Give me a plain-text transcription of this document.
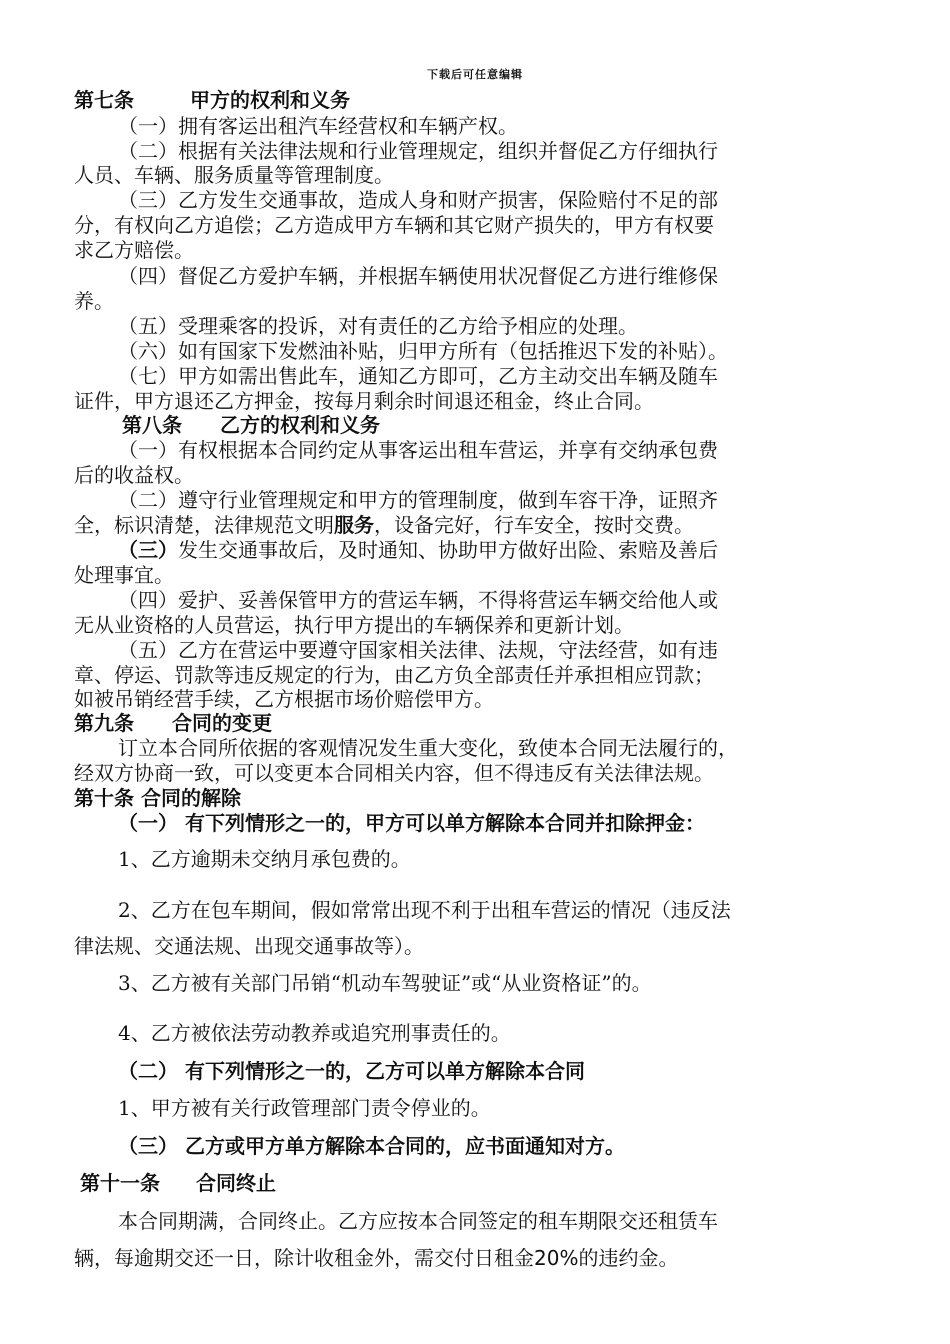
下载后可任意编辑
第七条	甲方的权利和义务
（一）拥有客运出租汽车经营权和车辆产权。
（二）根据有关法律法规和行业管理规定，组织并督促乙方仔细执行
人员、车辆、服务质量等管理制度。
（三）乙方发生交通事故，造成人身和财产损害，保险赔付不足的部
分，有权向乙方追偿；乙方造成甲方车辆和其它财产损失的，甲方有权要
求乙方赔偿。
（四）督促乙方爱护车辆，并根据车辆使用状况督促乙方进行维修保
养。
（五）受理乘客的投诉，对有责任的乙方给予相应的处理。
（六）如有国家下发燃油补贴，归甲方所有（包括推迟下发的补贴）。
（七）甲方如需出售此车，通知乙方即可，乙方主动交出车辆及随车
证件，甲方退还乙方押金，按每月剩余时间退还租金，终止合同。
第八条 乙方的权利和义务
（一）有权根据本合同约定从事客运出租车营运，并享有交纳承包费
后的收益权。
（二）遵守行业管理规定和甲方的管理制度，做到车容干净，证照齐
全，标识清楚，法律规范文明服务，设备完好，行车安全，按时交费。
（三）发生交通事故后，及时通知、协助甲方做好出险、索赔及善后
处理事宜。
（四）爱护、妥善保管甲方的营运车辆，不得将营运车辆交给他人或
无从业资格的人员营运，执行甲方提出的车辆保养和更新计划。
（五）乙方在营运中要遵守国家相关法律、法规，守法经营，如有违
章、停运、罚款等违反规定的行为，由乙方负全部责任并承担相应罚款；
如被吊销经营手续，乙方根据市场价赔偿甲方。
第九条 合同的变更
订立本合同所依据的客观情况发生重大变化，致使本合同无法履行的，
经双方协商一致，可以变更本合同相关内容，但不得违反有关法律法规。
第十条 合同的解除
（一） 有下列情形之一的，甲方可以单方解除本合同并扣除押金：
1、乙方逾期未交纳月承包费的。
2、乙方在包车期间，假如常常出现不利于出租车营运的情况（违反法
律法规、交通法规、出现交通事故等）。
3、乙方被有关部门吊销“机动车驾驶证”或“从业资格证”的。
4、乙方被依法劳动教养或追究刑事责任的。
（二） 有下列情形之一的，乙方可以单方解除本合同
1、甲方被有关行政管理部门责令停业的。
（三） 乙方或甲方单方解除本合同的，应书面通知对方。
第十一条 合同终止
本合同期满，合同终止。乙方应按本合同签定的租车期限交还租赁车
辆，每逾期交还一日，除计收租金外，需交付日租金20%的违约金。
